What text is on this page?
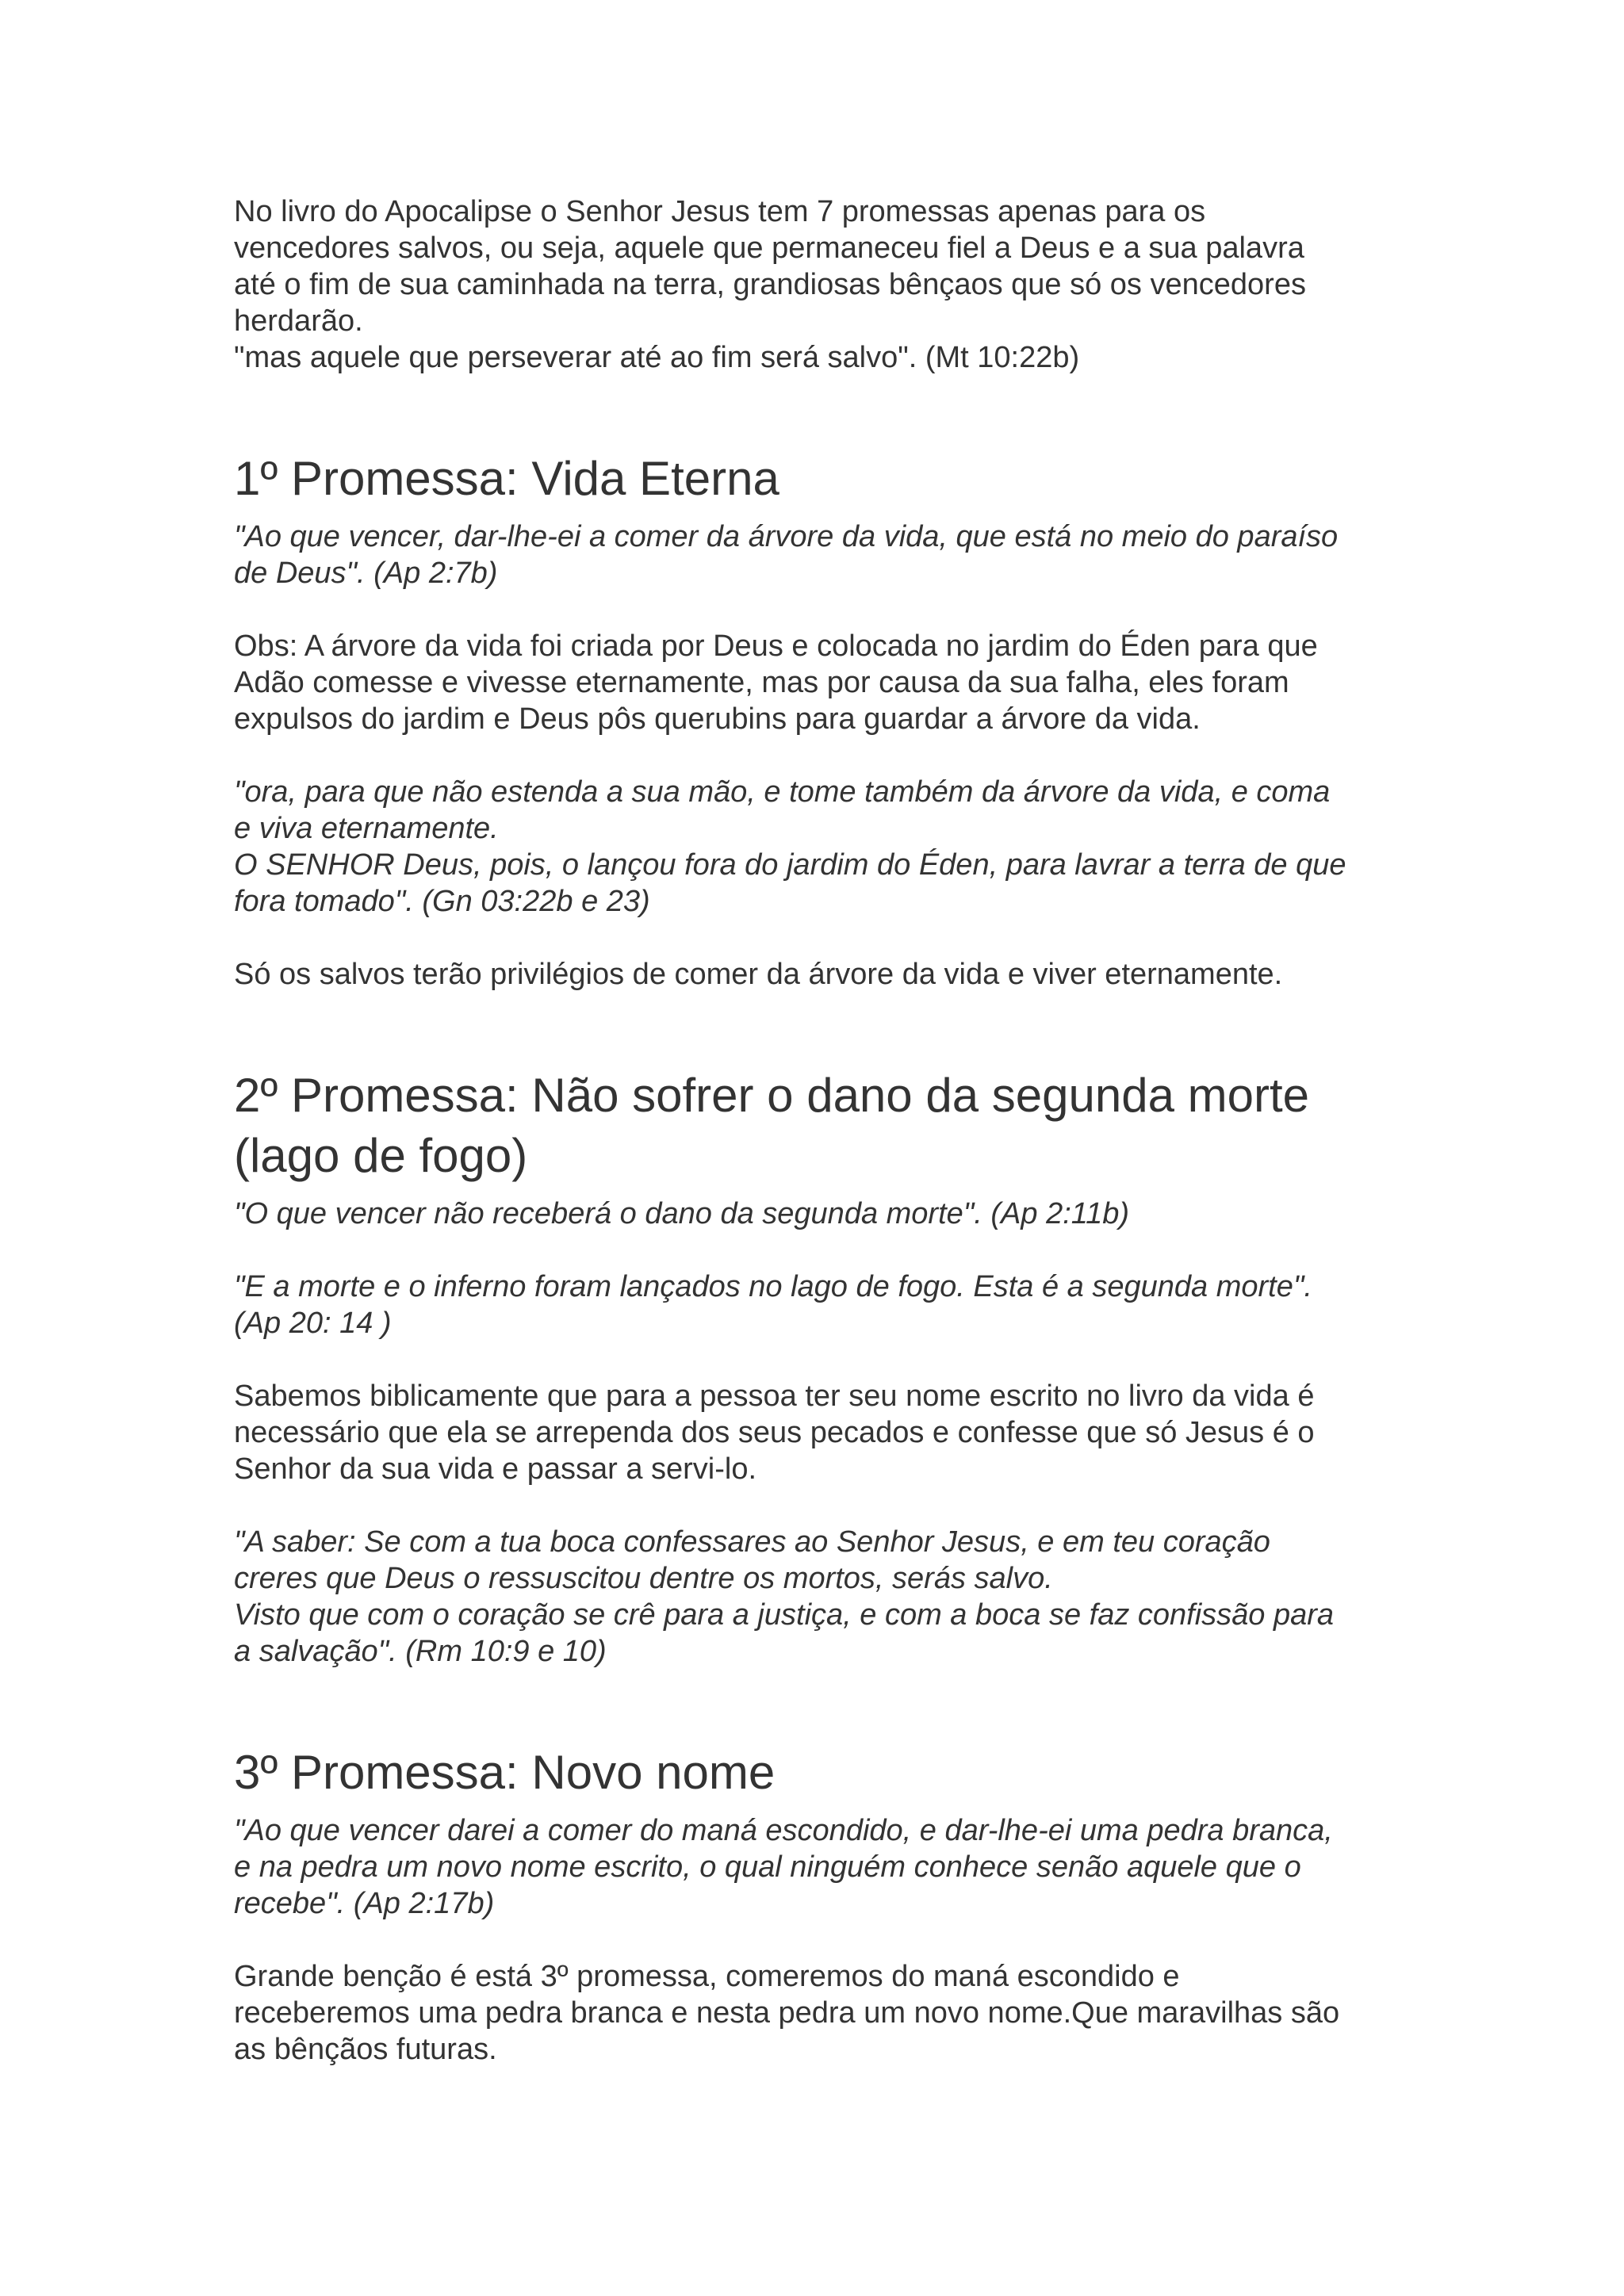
No livro do Apocalipse o Senhor Jesus tem 7 promessas apenas para os
vencedores salvos, ou seja, aquele que permaneceu fiel a Deus e a sua palavra
até o fim de sua caminhada na terra, grandiosas bênçaos que só os vencedores
herdarão.
"mas aquele que perseverar até ao fim será salvo". (Mt 10:22b)

1º Promessa: Vida Eterna

"Ao que vencer, dar-lhe-ei a comer da árvore da vida, que está no meio do paraíso
de Deus". (Ap 2:7b)

Obs: A árvore da vida foi criada por Deus e colocada no jardim do Éden para que
Adão comesse e vivesse eternamente, mas por causa da sua falha, eles foram
expulsos do jardim e Deus pôs querubins para guardar a árvore da vida.

"ora, para que não estenda a sua mão, e tome também da árvore da vida, e coma
e viva eternamente.
O SENHOR Deus, pois, o lançou fora do jardim do Éden, para lavrar a terra de que
fora tomado". (Gn 03:22b e 23)

Só os salvos terão privilégios de comer da árvore da vida e viver eternamente.

2º Promessa: Não sofrer o dano da segunda morte
(lago de fogo)

"O que vencer não receberá o dano da segunda morte". (Ap 2:11b)

"E a morte e o inferno foram lançados no lago de fogo. Esta é a segunda morte".
(Ap 20: 14 )

Sabemos biblicamente que para a pessoa ter seu nome escrito no livro da vida é
necessário que ela se arrependa dos seus pecados e confesse que só Jesus é o
Senhor da sua vida e passar a servi-lo.

"A saber: Se com a tua boca confessares ao Senhor Jesus, e em teu coração
creres que Deus o ressuscitou dentre os mortos, serás salvo.
Visto que com o coração se crê para a justiça, e com a boca se faz confissão para
a salvação". (Rm 10:9 e 10)

3º Promessa: Novo nome

"Ao que vencer darei a comer do maná escondido, e dar-lhe-ei uma pedra branca,
e na pedra um novo nome escrito, o qual ninguém conhece senão aquele que o
recebe". (Ap 2:17b)

Grande benção é está 3º promessa, comeremos do maná escondido e
receberemos uma pedra branca e nesta pedra um novo nome.Que maravilhas são
as bênçãos futuras.
